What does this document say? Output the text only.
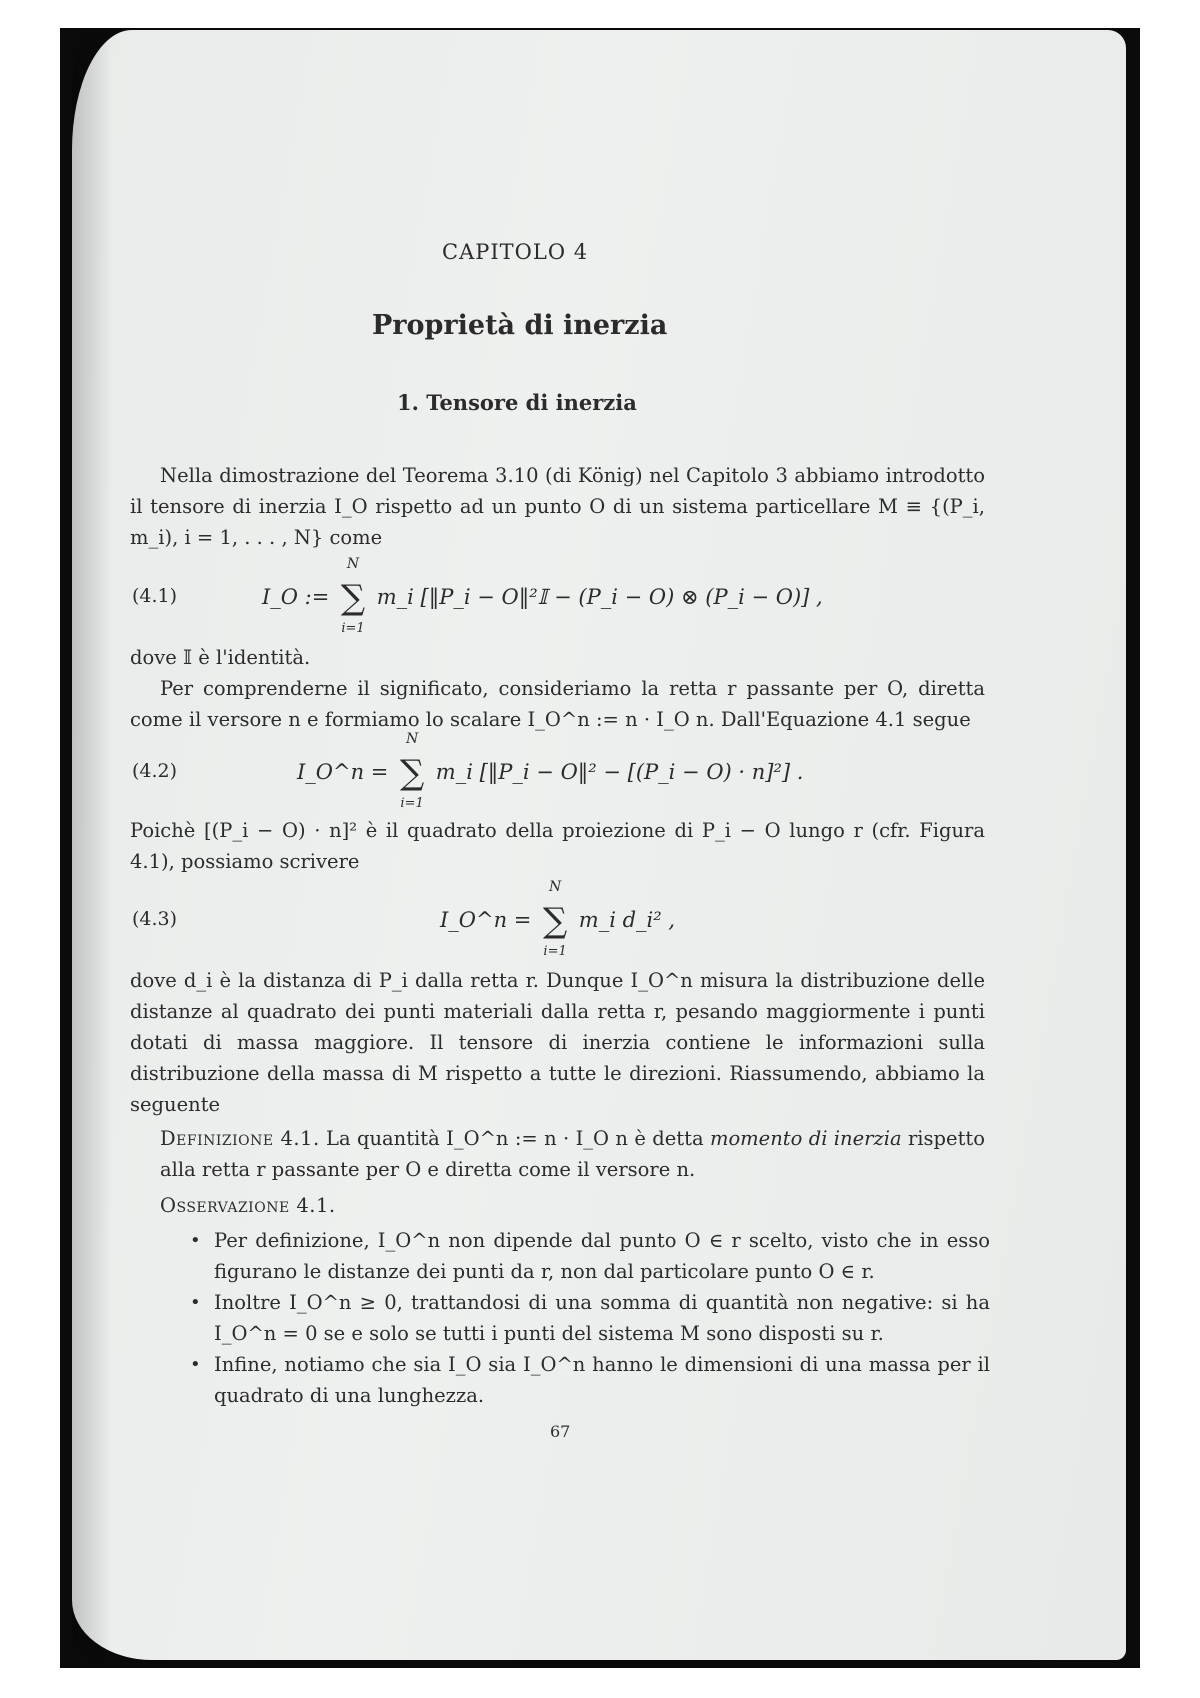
CAPITOLO 4
Proprietà di inerzia
1. Tensore di inerzia

Nella dimostrazione del Teorema 3.10 (di König) nel Capitolo 3 abbiamo introdotto il tensore di inerzia I_O rispetto ad un punto O di un sistema particellare M ≡ {(P_i, m_i), i = 1, . . . , N} come

(4.1)	I_O :=
N
∑
i=1
m_i [‖P_i − O‖²𝕀 − (P_i − O) ⊗ (P_i − O)] ,

dove 𝕀 è l'identità.

Per comprenderne il significato, consideriamo la retta r passante per O, diretta come il versore n e formiamo lo scalare I_O^n := n · I_O n. Dall'Equazione 4.1 segue

(4.2)	I_O^n =
N
∑
i=1
m_i [‖P_i − O‖² − [(P_i − O) · n]²] .

Poichè [(P_i − O) · n]² è il quadrato della proiezione di P_i − O lungo r (cfr. Figura 4.1), possiamo scrivere

(4.3)	I_O^n =
N
∑
i=1
m_i d_i² ,

dove d_i è la distanza di P_i dalla retta r. Dunque I_O^n misura la distribuzione delle distanze al quadrato dei punti materiali dalla retta r, pesando maggiormente i punti dotati di massa maggiore. Il tensore di inerzia contiene le informazioni sulla distribuzione della massa di M rispetto a tutte le direzioni. Riassumendo, abbiamo la seguente

Definizione 4.1. La quantità I_O^n := n · I_O n è detta momento di inerzia rispetto alla retta r passante per O e diretta come il versore n.

Osservazione 4.1.
• Per definizione, I_O^n non dipende dal punto O ∈ r scelto, visto che in esso figurano le distanze dei punti da r, non dal particolare punto O ∈ r.
• Inoltre I_O^n ≥ 0, trattandosi di una somma di quantità non negative: si ha I_O^n = 0 se e solo se tutti i punti del sistema M sono disposti su r.
• Infine, notiamo che sia I_O sia I_O^n hanno le dimensioni di una massa per il quadrato di una lunghezza.
67
